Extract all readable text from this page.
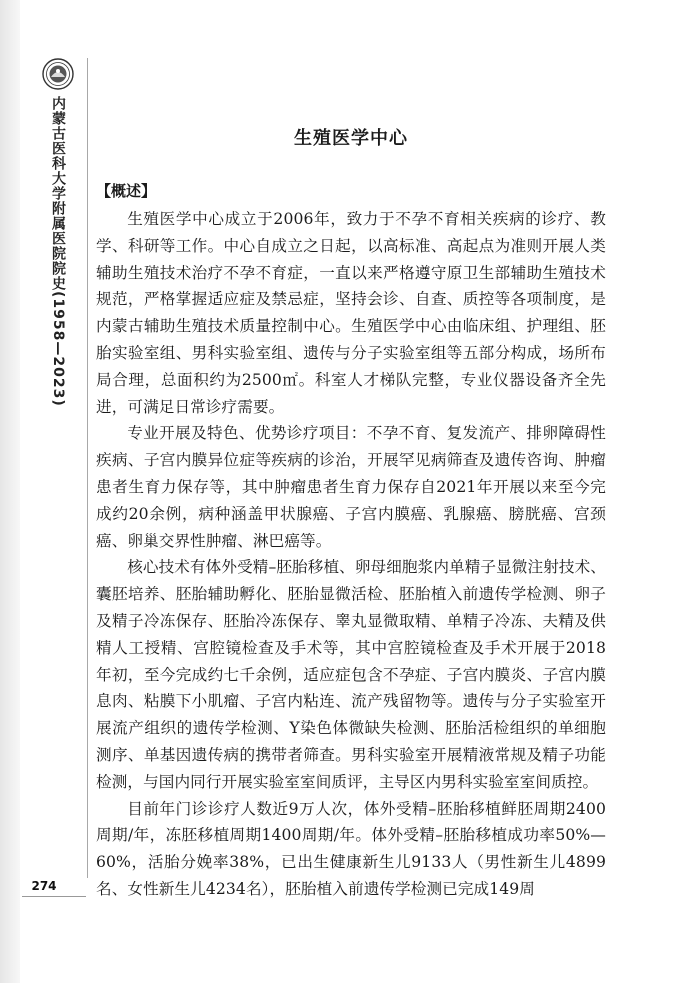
内蒙古医科大学附属医院院史(1958—2023)
274
生殖医学中心
【概述】

生殖医学中心成立于2006年，致力于不孕不育相关疾病的诊疗、教学、科研等工作。中心自成立之日起，以高标准、高起点为准则开展人类辅助生殖技术治疗不孕不育症，一直以来严格遵守原卫生部辅助生殖技术规范，严格掌握适应症及禁忌症，坚持会诊、自查、质控等各项制度，是内蒙古辅助生殖技术质量控制中心。生殖医学中心由临床组、护理组、胚胎实验室组、男科实验室组、遗传与分子实验室组等五部分构成，场所布局合理，总面积约为2500㎡。科室人才梯队完整，专业仪器设备齐全先进，可满足日常诊疗需要。

专业开展及特色、优势诊疗项目：不孕不育、复发流产、排卵障碍性疾病、子宫内膜异位症等疾病的诊治，开展罕见病筛查及遗传咨询、肿瘤患者生育力保存等，其中肿瘤患者生育力保存自2021年开展以来至今完成约20余例，病种涵盖甲状腺癌、子宫内膜癌、乳腺癌、膀胱癌、宫颈癌、卵巢交界性肿瘤、淋巴癌等。

核心技术有体外受精–胚胎移植、卵母细胞浆内单精子显微注射技术、囊胚培养、胚胎辅助孵化、胚胎显微活检、胚胎植入前遗传学检测、卵子及精子冷冻保存、胚胎冷冻保存、睾丸显微取精、单精子冷冻、夫精及供精人工授精、宫腔镜检查及手术等，其中宫腔镜检查及手术开展于2018年初，至今完成约七千余例，适应症包含不孕症、子宫内膜炎、子宫内膜息肉、粘膜下小肌瘤、子宫内粘连、流产残留物等。遗传与分子实验室开展流产组织的遗传学检测、Y染色体微缺失检测、胚胎活检组织的单细胞测序、单基因遗传病的携带者筛查。男科实验室开展精液常规及精子功能检测，与国内同行开展实验室室间质评，主导区内男科实验室室间质控。

目前年门诊诊疗人数近9万人次，体外受精–胚胎移植鲜胚周期2400周期/年，冻胚移植周期1400周期/年。体外受精–胚胎移植成功率50%—60%，活胎分娩率38%，已出生健康新生儿9133人（男性新生儿4899名、女性新生儿4234名），胚胎植入前遗传学检测已完成149周
